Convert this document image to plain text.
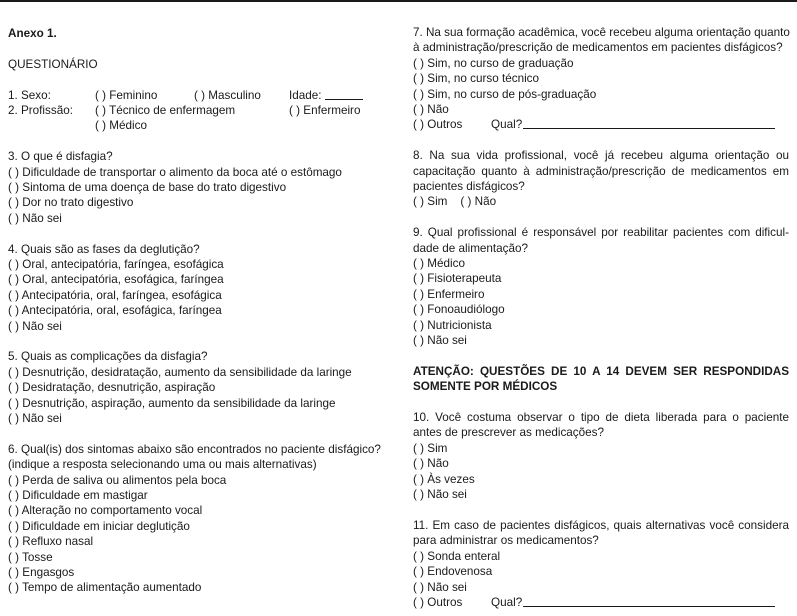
Anexo 1.
QUESTIONÁRIO
1. Sexo:	( ) Feminino	( ) Masculino Idade:
2. Profissão: ( ) Técnico de enfermagem	( ) Enfermeiro
( ) Médico
3. O que é disfagia?
( ) Dificuldade de transportar o alimento da boca até o estômago
( ) Sintoma de uma doença de base do trato digestivo
( ) Dor no trato digestivo
( ) Não sei
4. Quais são as fases da deglutição?
( ) Oral, antecipatória, faríngea, esofágica
( ) Oral, antecipatória, esofágica, faríngea
( ) Antecipatória, oral, faríngea, esofágica
( ) Antecipatória, oral, esofágica, faríngea
( ) Não sei
5. Quais as complicações da disfagia?
( ) Desnutrição, desidratação, aumento da sensibilidade da laringe
( ) Desidratação, desnutrição, aspiração
( ) Desnutrição, aspiração, aumento da sensibilidade da laringe
( ) Não sei
6. Qual(is) dos sintomas abaixo são encontrados no paciente disfágico?
(indique a resposta selecionando uma ou mais alternativas)
( ) Perda de saliva ou alimentos pela boca
( ) Dificuldade em mastigar
( ) Alteração no comportamento vocal
( ) Dificuldade em iniciar deglutição
( ) Refluxo nasal
( ) Tosse
( ) Engasgos
( ) Tempo de alimentação aumentado
7. Na sua formação acadêmica, você recebeu alguma orientação quanto
à administração/prescrição de medicamentos em pacientes disfágicos?
( ) Sim, no curso de graduação
( ) Sim, no curso técnico
( ) Sim, no curso de pós-graduação
( ) Não
( ) Outros Qual?
8. Na sua vida profissional, você já recebeu alguma orientação ou
capacitação quanto à administração/prescrição de medicamentos em
pacientes disfágicos?
( ) Sim    ( ) Não
9. Qual profissional é responsável por reabilitar pacientes com dificul-
dade de alimentação?
( ) Médico
( ) Fisioterapeuta
( ) Enfermeiro
( ) Fonoaudiólogo
( ) Nutricionista
( ) Não sei
ATENÇÃO: QUESTÕES DE 10 A 14 DEVEM SER RESPONDIDAS
SOMENTE POR MÉDICOS
10. Você costuma observar o tipo de dieta liberada para o paciente
antes de prescrever as medicações?
( ) Sim
( ) Não
( ) Às vezes
( ) Não sei
11. Em caso de pacientes disfágicos, quais alternativas você considera
para administrar os medicamentos?
( ) Sonda enteral
( ) Endovenosa
( ) Não sei
( ) Outros Qual?
